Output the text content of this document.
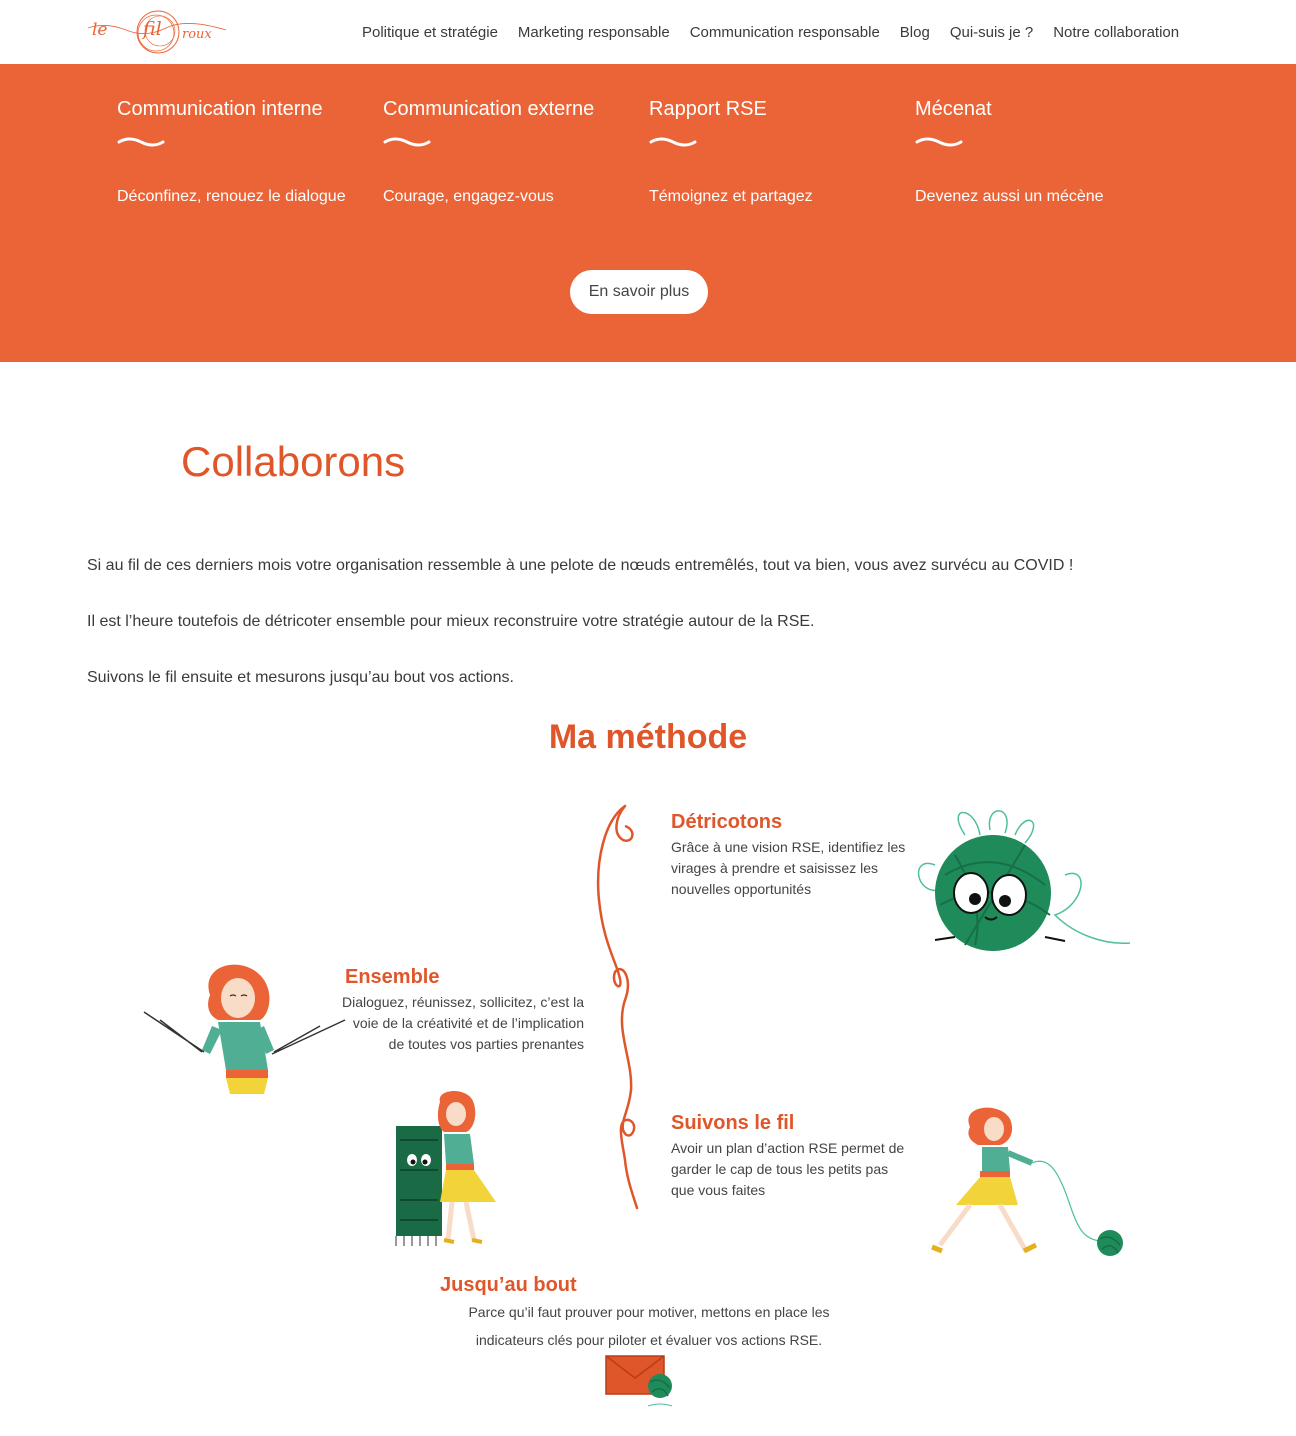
le fil roux	Politique et stratégie Marketing responsable Communication responsable Blog Qui-suis je ? Notre collaboration
Communication interne
Déconfinez, renouez le dialogue
Communication externe
Courage, engagez-vous
Rapport RSE
Témoignez et partagez
Mécenat
Devenez aussi un mécène
En savoir plus
Collaborons

Si au fil de ces derniers mois votre organisation ressemble à une pelote de nœuds entremêlés, tout va bien, vous avez survécu au COVID !

Il est l’heure toutefois de détricoter ensemble pour mieux reconstruire votre stratégie autour de la RSE.

Suivons le fil ensuite et mesurons jusqu’au bout vos actions.

Ma méthode
Détricotons
Grâce à une vision RSE, identifiez les
virages à prendre et saisissez les
nouvelles opportunités
Ensemble
Dialoguez, réunissez, sollicitez, c’est la
voie de la créativité et de l’implication
de toutes vos parties prenantes
Suivons le fil
Avoir un plan d’action RSE permet de
garder le cap de tous les petits pas
que vous faites
Jusqu’au bout
Parce qu’il faut prouver pour motiver, mettons en place les
indicateurs clés pour piloter et évaluer vos actions RSE.
